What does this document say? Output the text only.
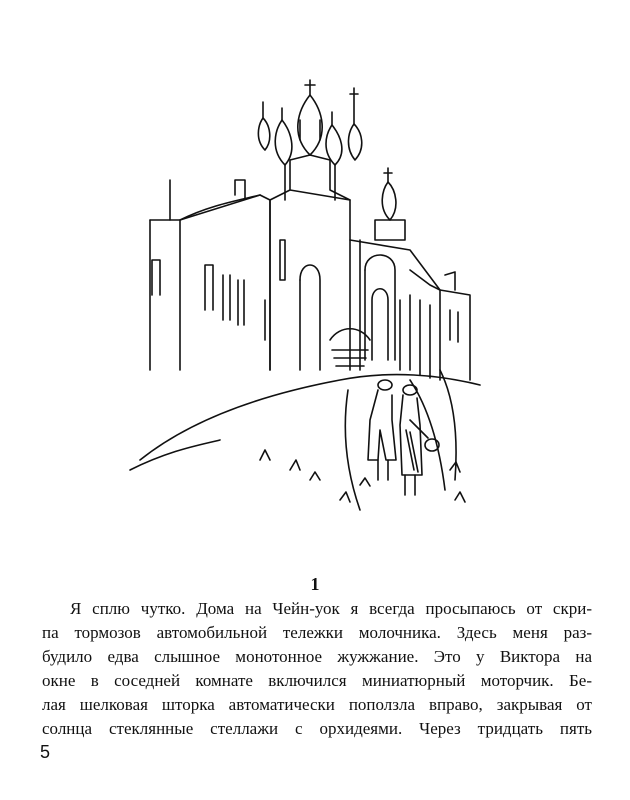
1
Я сплю чутко. Дома на Чейн-уок я всегда просыпаюсь от скри-
па тормозов автомобильной тележки молочника. Здесь меня раз-
будило едва слышное монотонное жужжание. Это у Виктора на
окне в соседней комнате включился миниатюрный моторчик. Бе-
лая шелковая шторка автоматически поползла вправо, закрывая от
солнца стеклянные стеллажи с орхидеями. Через тридцать пять
5
